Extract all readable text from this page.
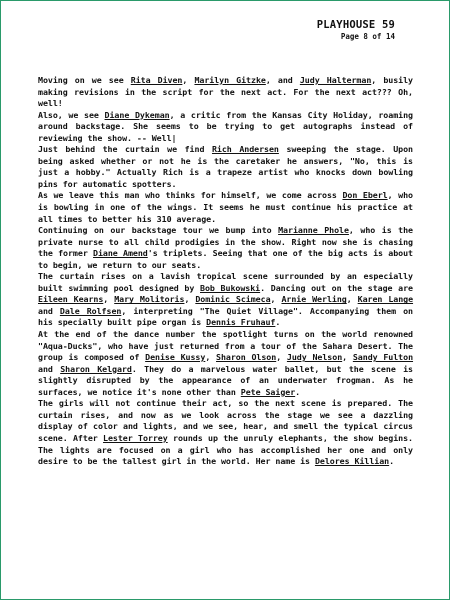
PLAYHOUSE 59
Page 8 of 14

Moving on we see Rita Diven, Marilyn Gitzke, and Judy Halterman, busily making revisions in the script for the next act. For the next act??? Oh, well!

Also, we see Diane Dykeman, a critic from the Kansas City Holiday, roaming around backstage. She seems to be trying to get autographs instead of reviewing the show. -- Well|

Just behind the curtain we find Rich Andersen sweeping the stage. Upon being asked whether or not he is the caretaker he answers, "No, this is just a hobby." Actually Rich is a trapeze artist who knocks down bowling pins for automatic spotters.

As we leave this man who thinks for himself, we come across Don Eberl, who is bowling in one of the wings. It seems he must continue his practice at all times to better his 310 average.

Continuing on our backstage tour we bump into Marianne Phole, who is the private nurse to all child prodigies in the show. Right now she is chasing the former Diane Amend's triplets. Seeing that one of the big acts is about to begin, we return to our seats.

The curtain rises on a lavish tropical scene surrounded by an especially built swimming pool designed by Bob Bukowski. Dancing out on the stage are Eileen Kearns, Mary Molitoris, Dominic Scimeca, Arnie Werling, Karen Lange and Dale Rolfsen, interpreting "The Quiet Village". Accompanying them on his specially built pipe organ is Dennis Fruhauf.

At the end of the dance number the spotlight turns on the world renowned "Aqua-Ducks", who have just returned from a tour of the Sahara Desert. The group is composed of Denise Kussy, Sharon Olson, Judy Nelson, Sandy Fulton and Sharon Kelgard. They do a marvelous water ballet, but the scene is slightly disrupted by the appearance of an underwater frogman. As he surfaces, we notice it's none other than Pete Saiger.

The girls will not continue their act, so the next scene is prepared. The curtain rises, and now as we look across the stage we see a dazzling display of color and lights, and we see, hear, and smell the typical circus scene. After Lester Torrey rounds up the unruly elephants, the show begins. The lights are focused on a girl who has accomplished her one and only desire to be the tallest girl in the world. Her name is Delores Killian.
